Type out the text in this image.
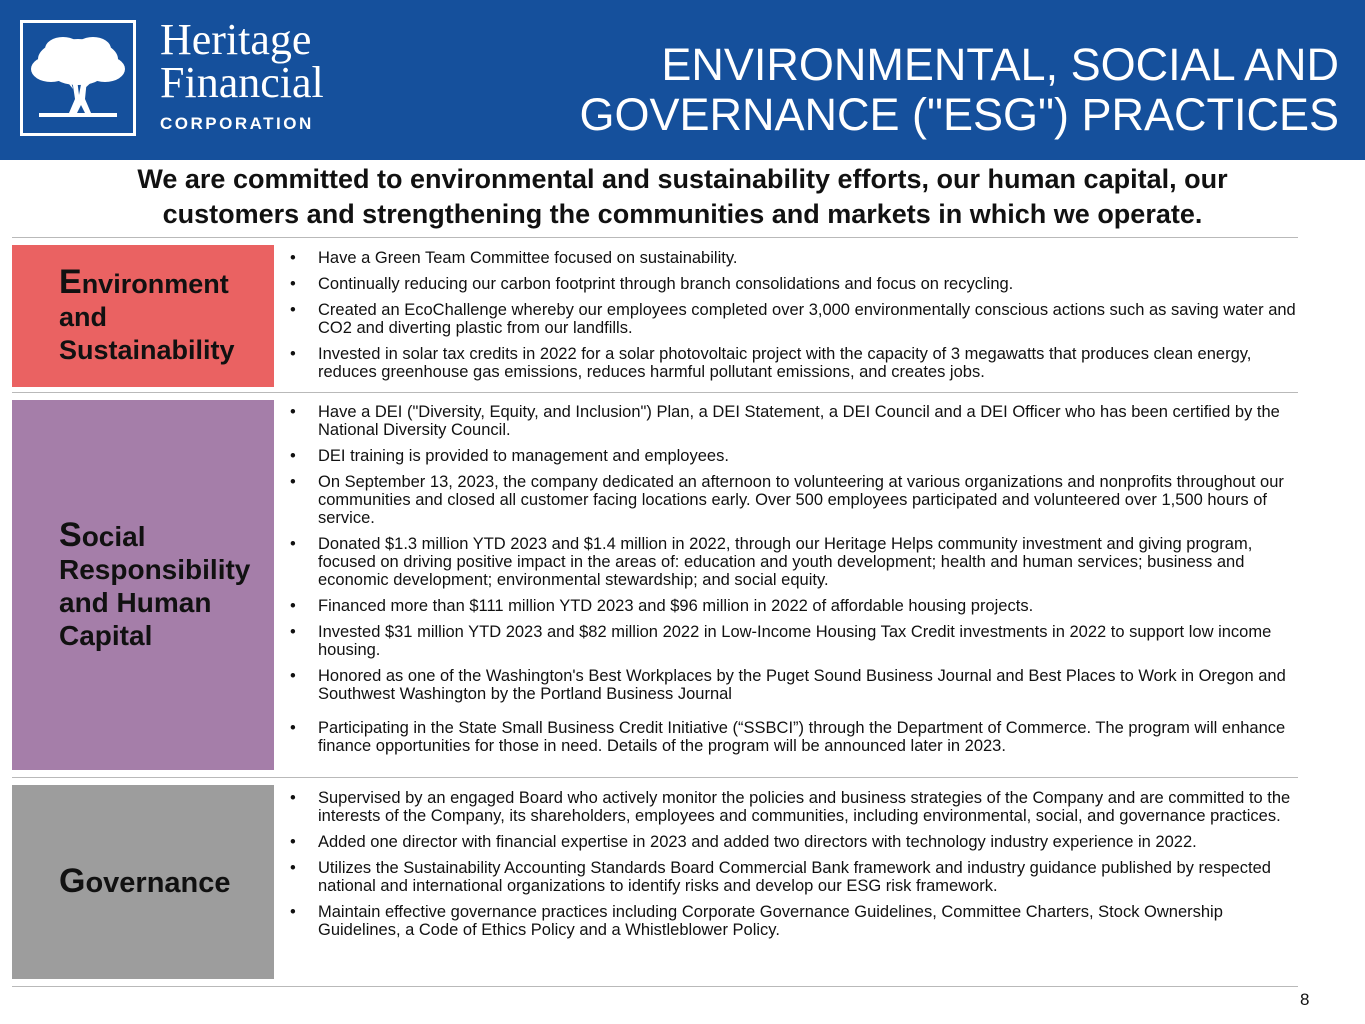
Heritage
Financial
CORPORATION
ENVIRONMENTAL, SOCIAL AND
GOVERNANCE ("ESG") PRACTICES
We are committed to environmental and sustainability efforts, our human capital, our
customers and strengthening the communities and markets in which we operate.
Environment
and
Sustainability
• Have a Green Team Committee focused on sustainability.
• Continually reducing our carbon footprint through branch consolidations and focus on recycling.
• Created an EcoChallenge whereby our employees completed over 3,000 environmentally conscious actions such as saving water and CO2 and diverting plastic from our landfills.
• Invested in solar tax credits in 2022 for a solar photovoltaic project with the capacity of 3 megawatts that produces clean energy, reduces greenhouse gas emissions, reduces harmful pollutant emissions, and creates jobs.
Social
Responsibility
and Human
Capital
• Have a DEI ("Diversity, Equity, and Inclusion") Plan, a DEI Statement, a DEI Council and a DEI Officer who has been certified by the National Diversity Council.
• DEI training is provided to management and employees.
• On September 13, 2023, the company dedicated an afternoon to volunteering at various organizations and nonprofits throughout our communities and closed all customer facing locations early. Over 500 employees participated and volunteered over 1,500 hours of service.
• Donated $1.3 million YTD 2023 and $1.4 million in 2022, through our Heritage Helps community investment and giving program, focused on driving positive impact in the areas of: education and youth development; health and human services; business and economic development; environmental stewardship; and social equity.
• Financed more than $111 million YTD 2023 and $96 million in 2022 of affordable housing projects.
• Invested $31 million YTD 2023 and $82 million 2022 in Low-Income Housing Tax Credit investments in 2022 to support low income housing.
• Honored as one of the Washington's Best Workplaces by the Puget Sound Business Journal and Best Places to Work in Oregon and Southwest Washington by the Portland Business Journal
• Participating in the State Small Business Credit Initiative (“SSBCI”) through the Department of Commerce. The program will enhance finance opportunities for those in need. Details of the program will be announced later in 2023.
Governance
• Supervised by an engaged Board who actively monitor the policies and business strategies of the Company and are committed to the interests of the Company, its shareholders, employees and communities, including environmental, social, and governance practices.
• Added one director with financial expertise in 2023 and added two directors with technology industry experience in 2022.
• Utilizes the Sustainability Accounting Standards Board Commercial Bank framework and industry guidance published by respected national and international organizations to identify risks and develop our ESG risk framework.
• Maintain effective governance practices including Corporate Governance Guidelines, Committee Charters, Stock Ownership Guidelines, a Code of Ethics Policy and a Whistleblower Policy.
8
